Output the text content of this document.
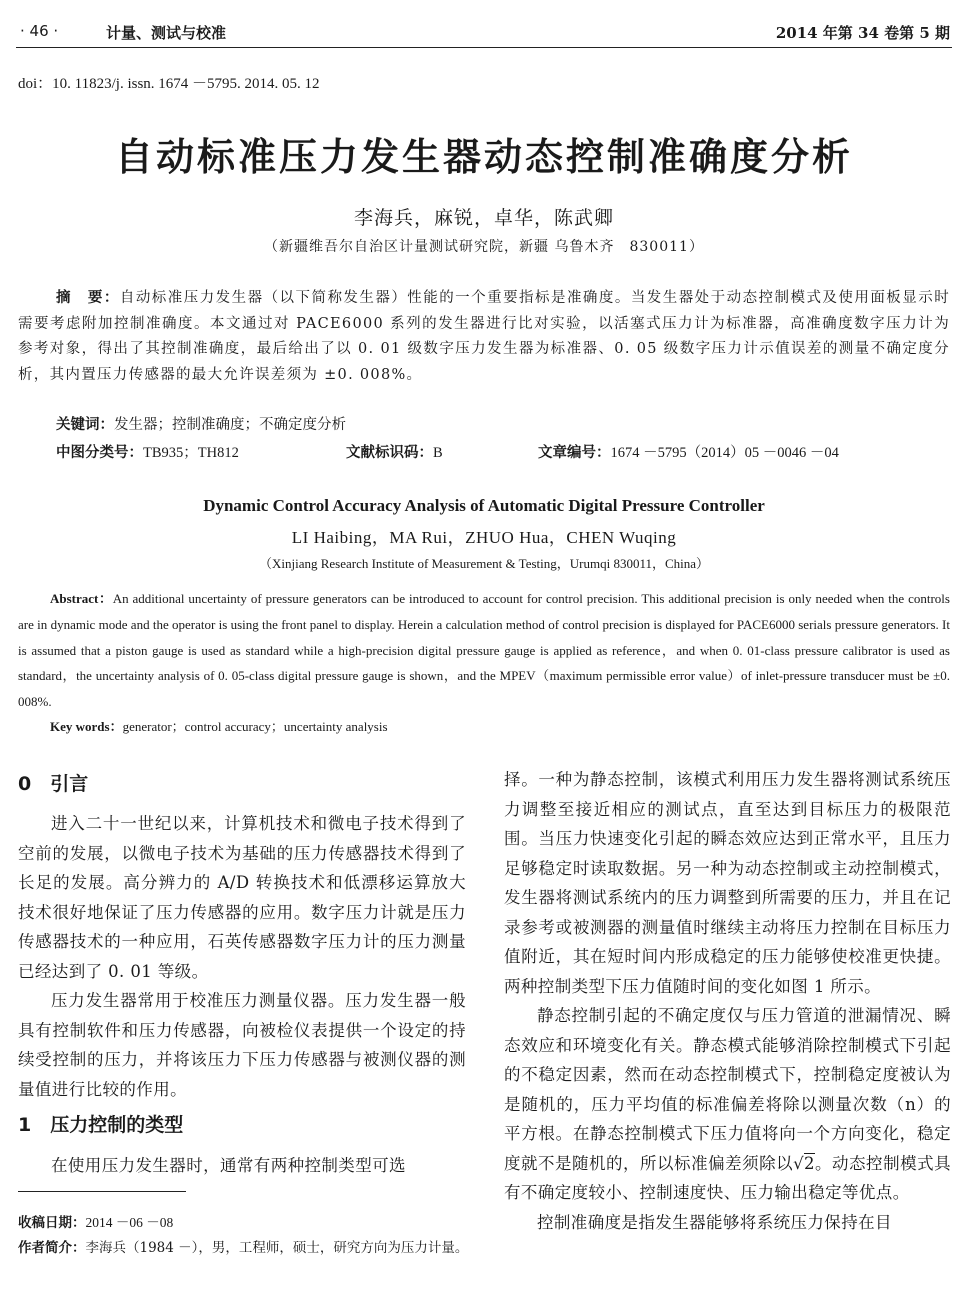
· 46 ·	计量、测试与校准	2014 年第 34 卷第 5 期
doi：10. 11823/j. issn. 1674 －5795. 2014. 05. 12
自动标准压力发生器动态控制准确度分析
李海兵，麻锐，卓华，陈武卿
（新疆维吾尔自治区计量测试研究院，新疆 乌鲁木齐　830011）
摘　要：自动标准压力发生器（以下简称发生器）性能的一个重要指标是准确度。当发生器处于动态控制模式及使用面板显示时需要考虑附加控制准确度。本文通过对 PACE6000 系列的发生器进行比对实验，以活塞式压力计为标准器，高准确度数字压力计为参考对象，得出了其控制准确度，最后给出了以 0. 01 级数字压力发生器为标准器、0. 05 级数字压力计示值误差的测量不确定度分析，其内置压力传感器的最大允许误差须为 ±0. 008%。
关键词：发生器；控制准确度；不确定度分析
中图分类号：TB935；TH812	文献标识码：B	文章编号：1674 －5795（2014）05 －0046 －04
Dynamic Control Accuracy Analysis of Automatic Digital Pressure Controller
LI Haibing，MA Rui，ZHUO Hua，CHEN Wuqing
（Xinjiang Research Institute of Measurement & Testing，Urumqi 830011，China）
Abstract：An additional uncertainty of pressure generators can be introduced to account for control precision. This additional precision is only needed when the controls are in dynamic mode and the operator is using the front panel to display. Herein a calculation method of control precision is displayed for PACE6000 serials pressure generators. It is assumed that a piston gauge is used as standard while a high-precision digital pressure gauge is applied as reference，and when 0. 01-class pressure calibrator is used as standard，the uncertainty analysis of 0. 05-class digital pressure gauge is shown，and the MPEV（maximum permissible error value）of inlet-pressure transducer must be ±0. 008%.
Key words：generator；control accuracy；uncertainty analysis
0　引言

进入二十一世纪以来，计算机技术和微电子技术得到了空前的发展，以微电子技术为基础的压力传感器技术得到了长足的发展。高分辨力的 A/D 转换技术和低漂移运算放大技术很好地保证了压力传感器的应用。数字压力计就是压力传感器技术的一种应用，石英传感器数字压力计的压力测量已经达到了 0. 01 等级。

压力发生器常用于校准压力测量仪器。压力发生器一般具有控制软件和压力传感器，向被检仪表提供一个设定的持续受控制的压力，并将该压力下压力传感器与被测仪器的测量值进行比较的作用。

1　压力控制的类型

在使用压力发生器时，通常有两种控制类型可选

收稿日期：2014 －06 －08
作者简介：李海兵（1984 －），男，工程师，硕士，研究方向为压力计量。

择。一种为静态控制，该模式利用压力发生器将测试系统压力调整至接近相应的测试点，直至达到目标压力的极限范围。当压力快速变化引起的瞬态效应达到正常水平，且压力足够稳定时读取数据。另一种为动态控制或主动控制模式，发生器将测试系统内的压力调整到所需要的压力，并且在记录参考或被测器的测量值时继续主动将压力控制在目标压力值附近，其在短时间内形成稳定的压力能够使校准更快捷。两种控制类型下压力值随时间的变化如图 1 所示。

静态控制引起的不确定度仅与压力管道的泄漏情况、瞬态效应和环境变化有关。静态模式能够消除控制模式下引起的不稳定因素，然而在动态控制模式下，控制稳定度被认为是随机的，压力平均值的标准偏差将除以测量次数（n）的平方根。在静态控制模式下压力值将向一个方向变化，稳定度就不是随机的，所以标准偏差须除以√2。动态控制模式具有不确定度较小、控制速度快、压力输出稳定等优点。

控制准确度是指发生器能够将系统压力保持在目
